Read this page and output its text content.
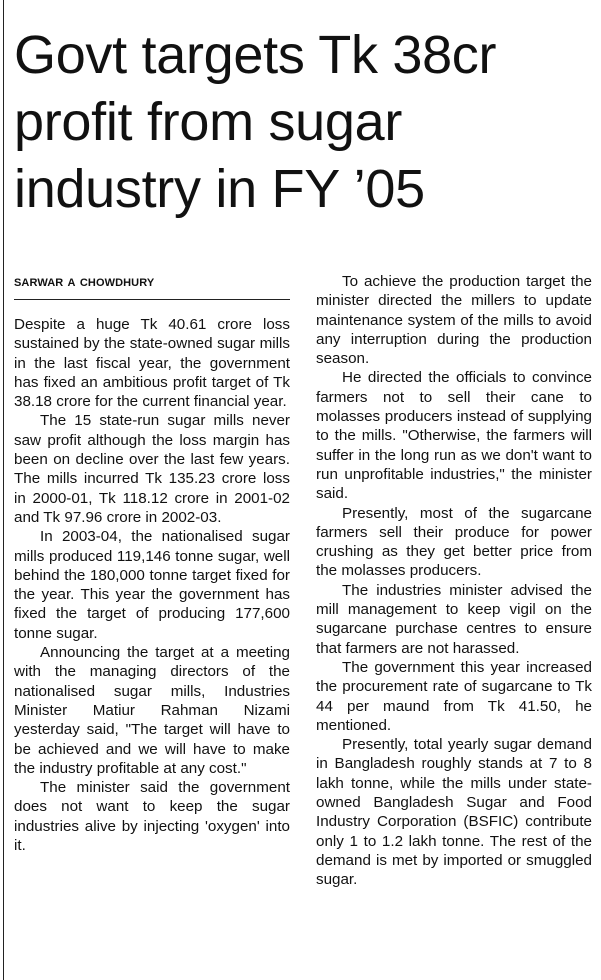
Govt targets Tk 38cr profit from sugar industry in FY ’05

sarwar a chowdhury

Despite a huge Tk 40.61 crore loss sustained by the state-owned sugar mills in the last fiscal year, the government has fixed an ambitious profit target of Tk 38.18 crore for the current financial year.

The 15 state-run sugar mills never saw profit although the loss margin has been on decline over the last few years. The mills incurred Tk 135.23 crore loss in 2000-01, Tk 118.12 crore in 2001-02 and Tk 97.96 crore in 2002-03.

In 2003-04, the nationalised sugar mills produced 119,146 tonne sugar, well behind the 180,000 tonne target fixed for the year. This year the government has fixed the target of producing 177,600 tonne sugar.

Announcing the target at a meeting with the managing directors of the nationalised sugar mills, Industries Minister Matiur Rahman Nizami yesterday said, "The target will have to be achieved and we will have to make the industry profitable at any cost."

The minister said the government does not want to keep the sugar industries alive by injecting 'oxygen' into it.

To achieve the production target the minister directed the millers to update maintenance system of the mills to avoid any interruption during the production season.

He directed the officials to convince farmers not to sell their cane to molasses producers instead of supplying to the mills. "Otherwise, the farmers will suffer in the long run as we don't want to run unprofitable industries," the minister said.

Presently, most of the sugarcane farmers sell their produce for power crushing as they get better price from the molasses producers.

The industries minister advised the mill management to keep vigil on the sugarcane purchase centres to ensure that farmers are not harassed.

The government this year increased the procurement rate of sugarcane to Tk 44 per maund from Tk 41.50, he mentioned.

Presently, total yearly sugar demand in Bangladesh roughly stands at 7 to 8 lakh tonne, while the mills under state-owned Bangladesh Sugar and Food Industry Corporation (BSFIC) contribute only 1 to 1.2 lakh tonne. The rest of the demand is met by imported or smuggled sugar.
